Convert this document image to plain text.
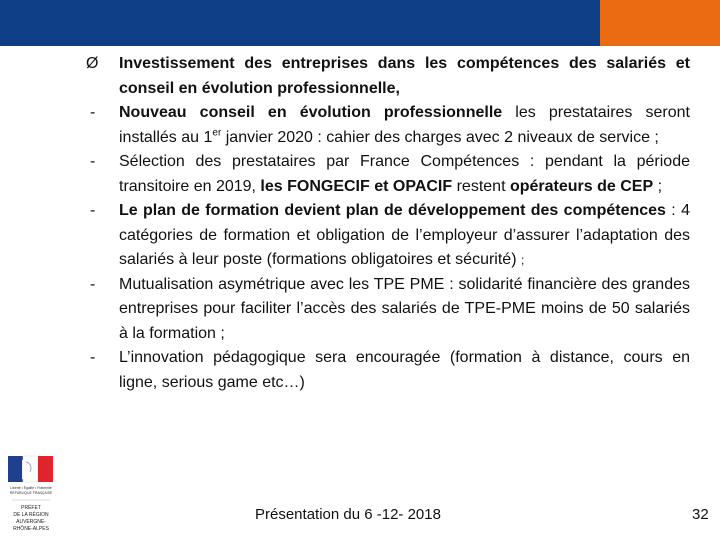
Ø	Investissement des entreprises dans les compétences des salariés et conseil en évolution professionnelle,
-	Nouveau conseil en évolution professionnelle les prestataires seront installés au 1er janvier 2020 : cahier des charges avec 2 niveaux de service ;
-	Sélection des prestataires par France Compétences : pendant la période transitoire en 2019, les FONGECIF et OPACIF restent opérateurs de CEP ;
-	Le plan de formation devient plan de développement des compétences : 4 catégories de formation et obligation de l’employeur d’assurer l’adaptation des salariés à leur poste (formations obligatoires et sécurité) ;
-	Mutualisation asymétrique avec les TPE PME : solidarité financière des grandes entreprises pour faciliter l’accès des salariés de TPE-PME moins de 50 salariés à la formation ;
-	L’innovation pédagogique sera encouragée (formation à distance, cours en ligne, serious game etc…)
Liberté • Égalité • Fraternité
RÉPUBLIQUE FRANÇAISE
PRÉFET
DE LA RÉGION
AUVERGNE-
RHÔNE-ALPES
Présentation du 6 -12- 2018	32
